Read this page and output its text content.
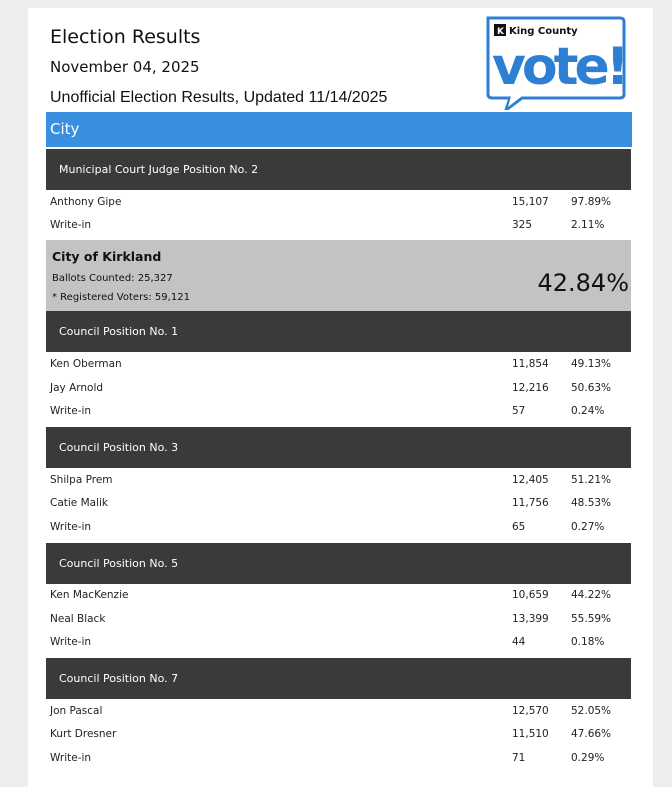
Election Results
November 04, 2025
Unofficial Election Results, Updated 11/14/2025
K King County
vote!
City
Municipal Court Judge Position No. 2
Anthony Gipe	15,107 97.89%
Write-in	325	2.11%
City of Kirkland
Ballots Counted: 25,327
* Registered Voters: 59,121
42.84%
Council Position No. 1
Ken Oberman	11,854 49.13%
Jay Arnold	12,216 50.63%
Write-in	57	0.24%
Council Position No. 3
Shilpa Prem	12,405 51.21%
Catie Malik	11,756 48.53%
Write-in	65	0.27%
Council Position No. 5
Ken MacKenzie	10,659 44.22%
Neal Black	13,399 55.59%
Write-in	44	0.18%
Council Position No. 7
Jon Pascal	12,570 52.05%
Kurt Dresner	11,510 47.66%
Write-in	71	0.29%
